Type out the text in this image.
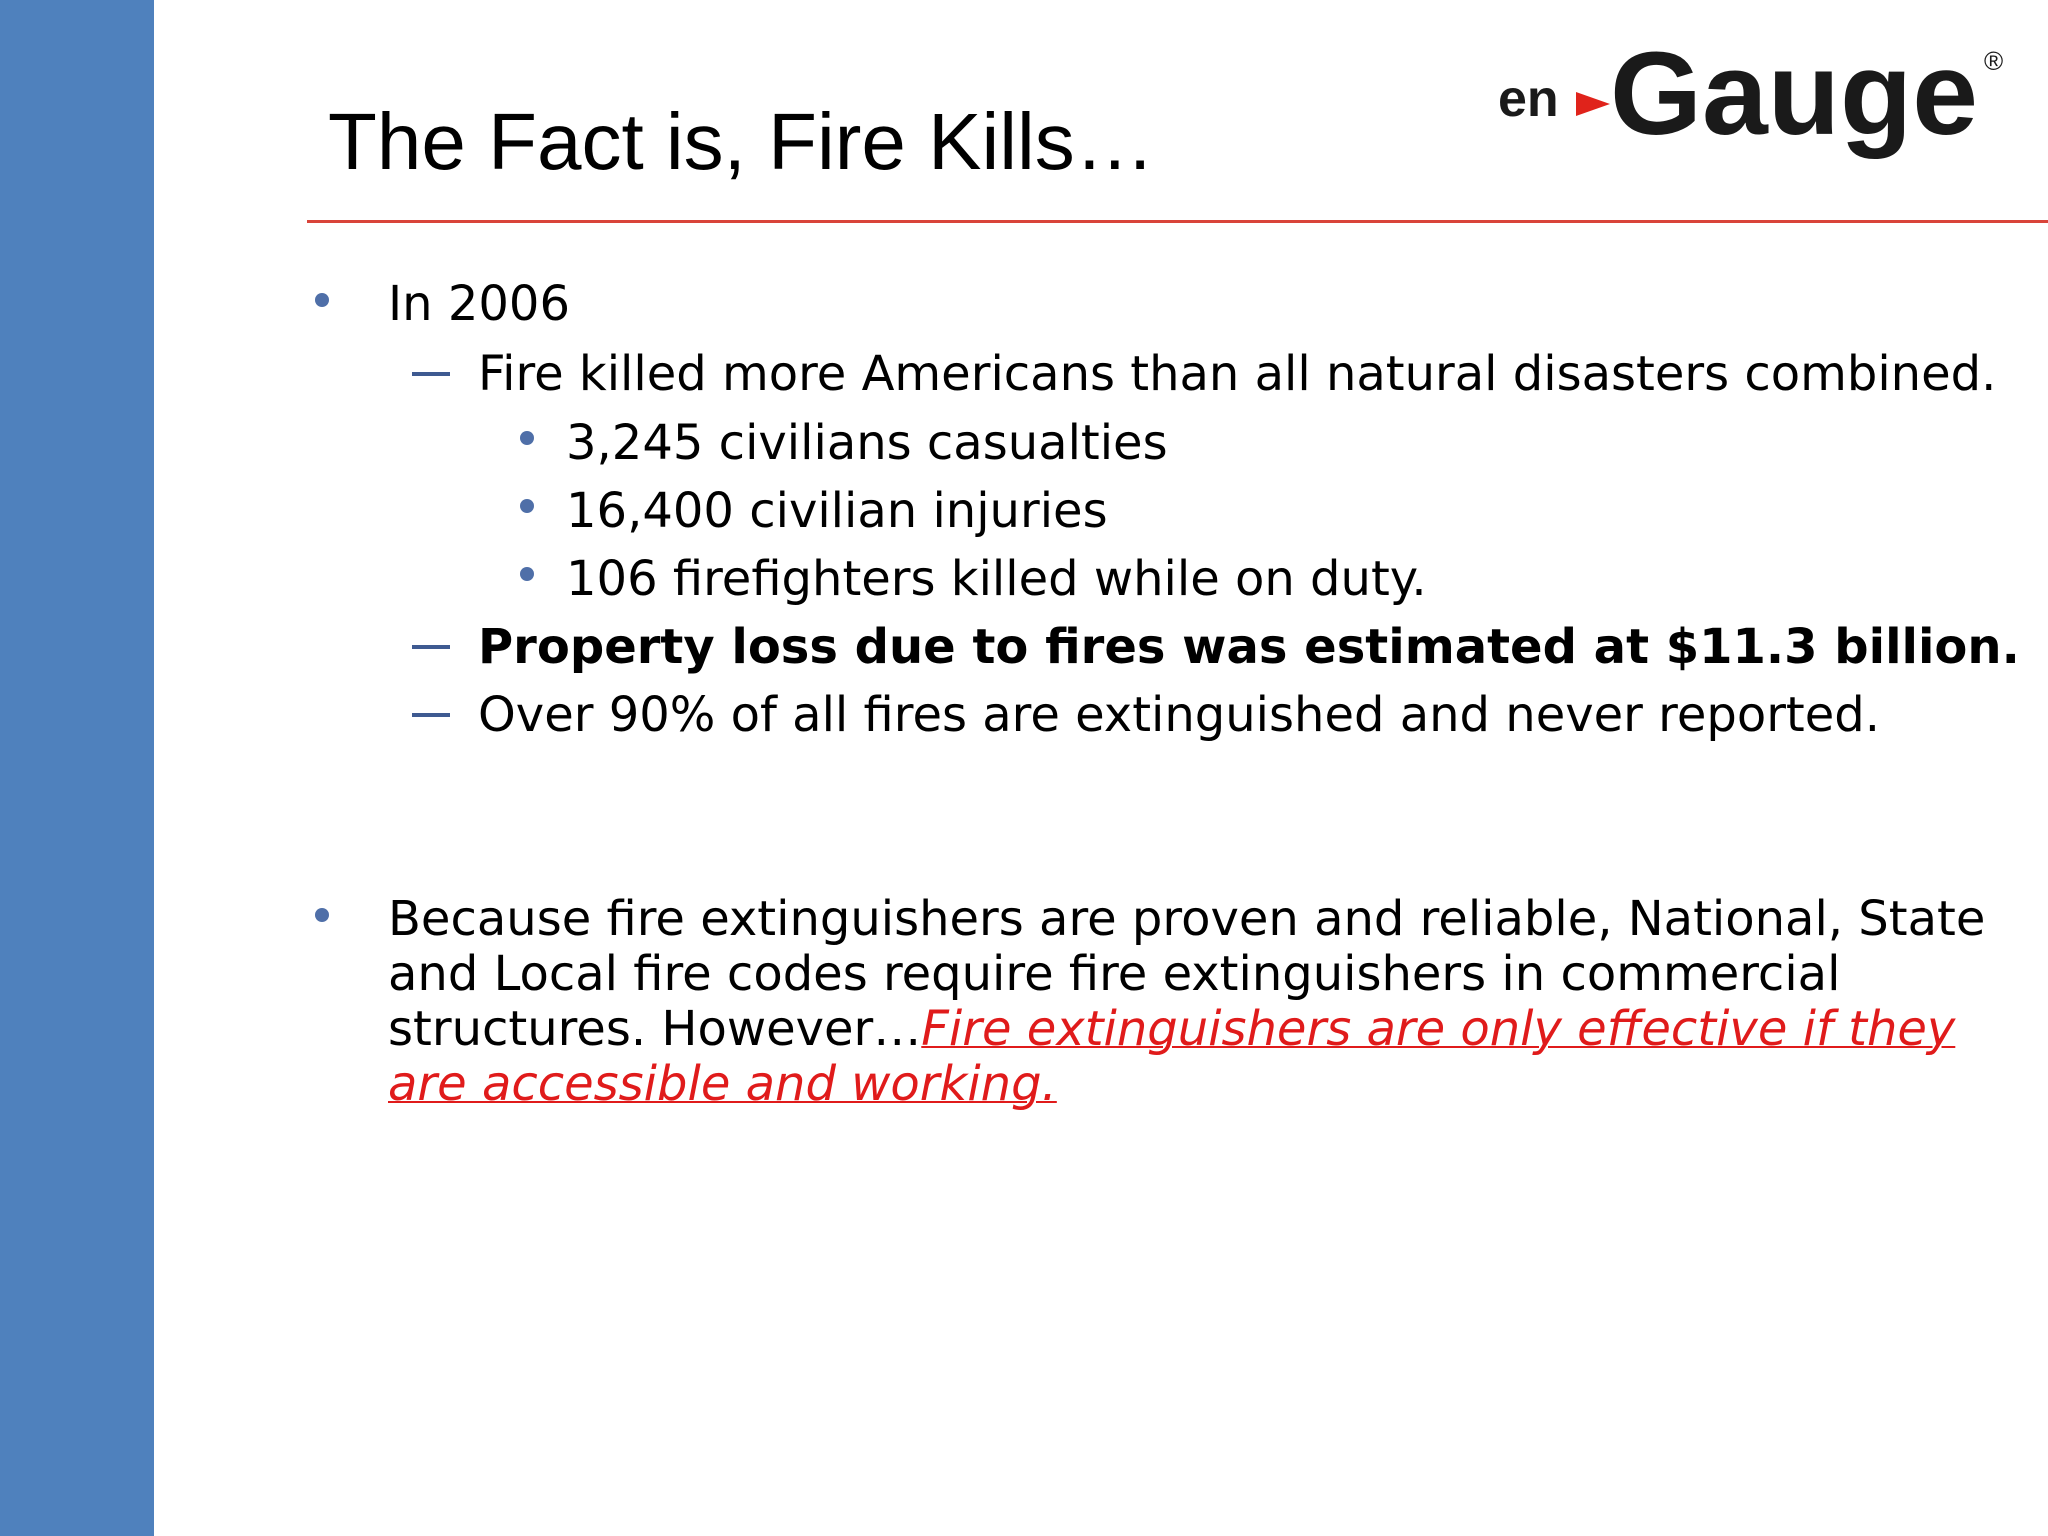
The Fact is, Fire Kills…	en Gauge ®
In 2006
Fire killed more Americans than all natural disasters combined.
3,245 civilians casualties
16,400 civilian injuries
106 firefighters killed while on duty.
Property loss due to fires was estimated at $11.3 billion.
Over 90% of all fires are extinguished and never reported.
Because fire extinguishers are proven and reliable, National, State and Local fire codes require fire extinguishers in commercial structures. However…Fire extinguishers are only effective if they are accessible and working.
